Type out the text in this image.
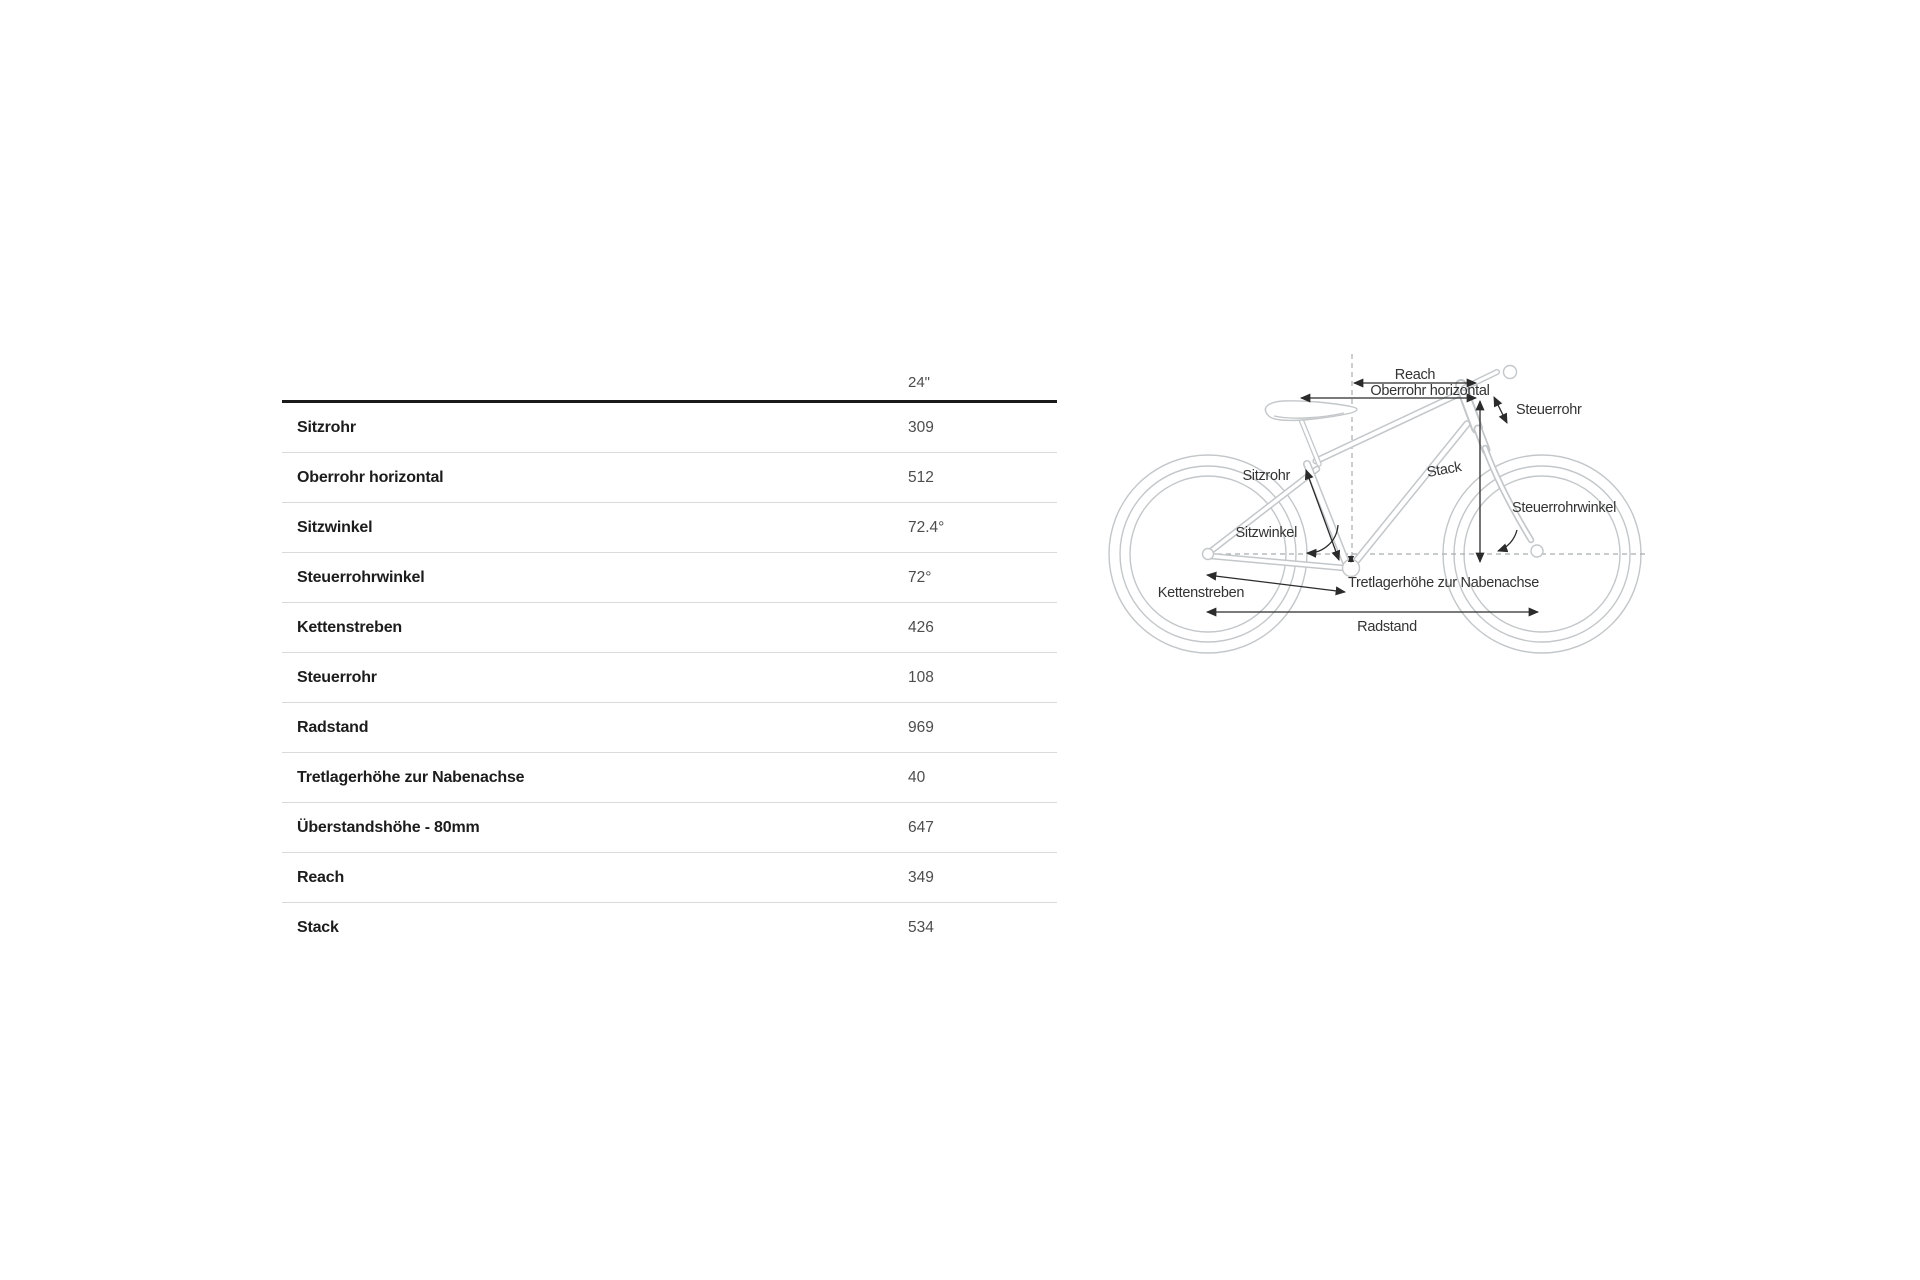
24"
Sitzrohr	309
Oberrohr horizontal	512
Sitzwinkel	72.4°
Steuerrohrwinkel	72°
Kettenstreben	426
Steuerrohr	108
Radstand	969
Tretlagerhöhe zur Nabenachse	40
Überstandshöhe - 80mm	647
Reach	349
Stack	534
Reach
Oberrohr horizontal
Steuerrohr
Sitzrohr	Stack
Sitzwinkel
Steuerrohrwinkel
Tretlagerhöhe zur Nabenachse
Kettenstreben
Radstand
